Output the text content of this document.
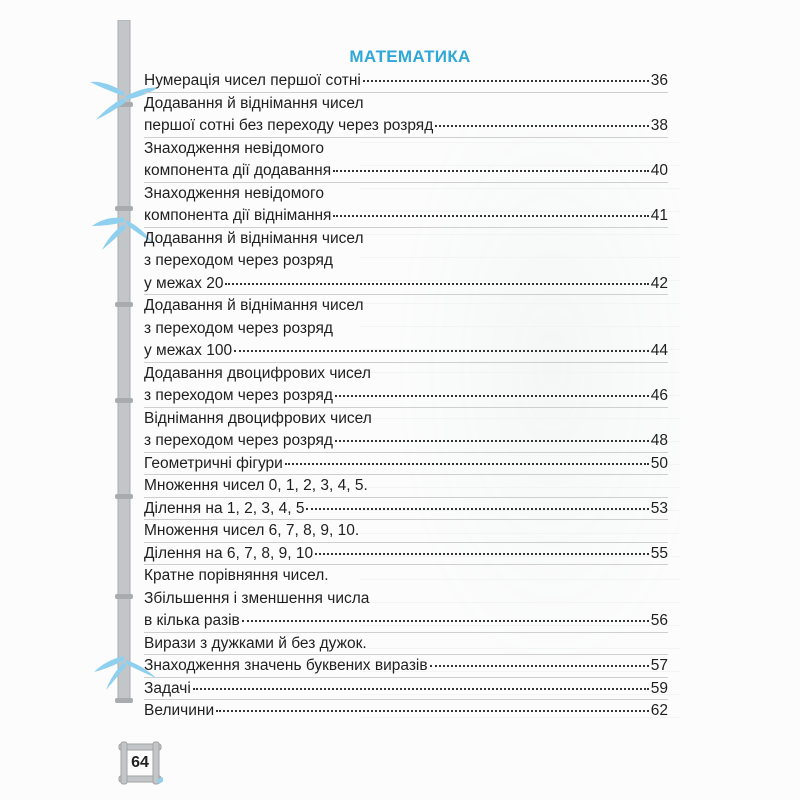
МАТЕМАТИКА
Нумерація чисел першої сотні	36
Додавання й віднімання чисел
першої сотні без переходу через розряд	38
Знаходження невідомого
компонента дії додавання	40
Знаходження невідомого
компонента дії віднімання	41
Додавання й віднімання чисел
з переходом через розряд
у межах 20	42
Додавання й віднімання чисел
з переходом через розряд
у межах 100	44
Додавання двоцифрових чисел
з переходом через розряд	46
Віднімання двоцифрових чисел
з переходом через розряд	48
Геометричні фігури	50
Множення чисел 0, 1, 2, 3, 4, 5.
Ділення на 1, 2, 3, 4, 5	53
Множення чисел 6, 7, 8, 9, 10.
Ділення на 6, 7, 8, 9, 10	55
Кратне порівняння чисел.
Збільшення і зменшення числа
в кілька разів	56
Вирази з дужками й без дужок.
Знаходження значень буквених виразів	57
Задачі	59
Величини	62
64
